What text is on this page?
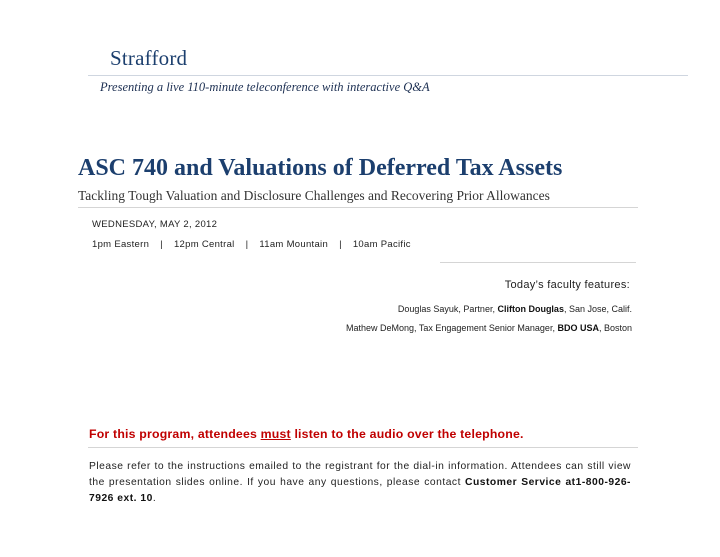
Strafford
Presenting a live 110-minute teleconference with interactive Q&A
ASC 740 and Valuations of Deferred Tax Assets
Tackling Tough Valuation and Disclosure Challenges and Recovering Prior Allowances
WEDNESDAY, MAY 2, 2012
1pm Eastern | 12pm Central | 11am Mountain | 10am Pacific
Today’s faculty features:
Douglas Sayuk, Partner, Clifton Douglas, San Jose, Calif.
Mathew DeMong, Tax Engagement Senior Manager, BDO USA, Boston
For this program, attendees must listen to the audio over the telephone.
Please refer to the instructions emailed to the registrant for the dial-in information. Attendees can still view the presentation slides online. If you have any questions, please contact Customer Service at1-800-926-7926 ext. 10.
